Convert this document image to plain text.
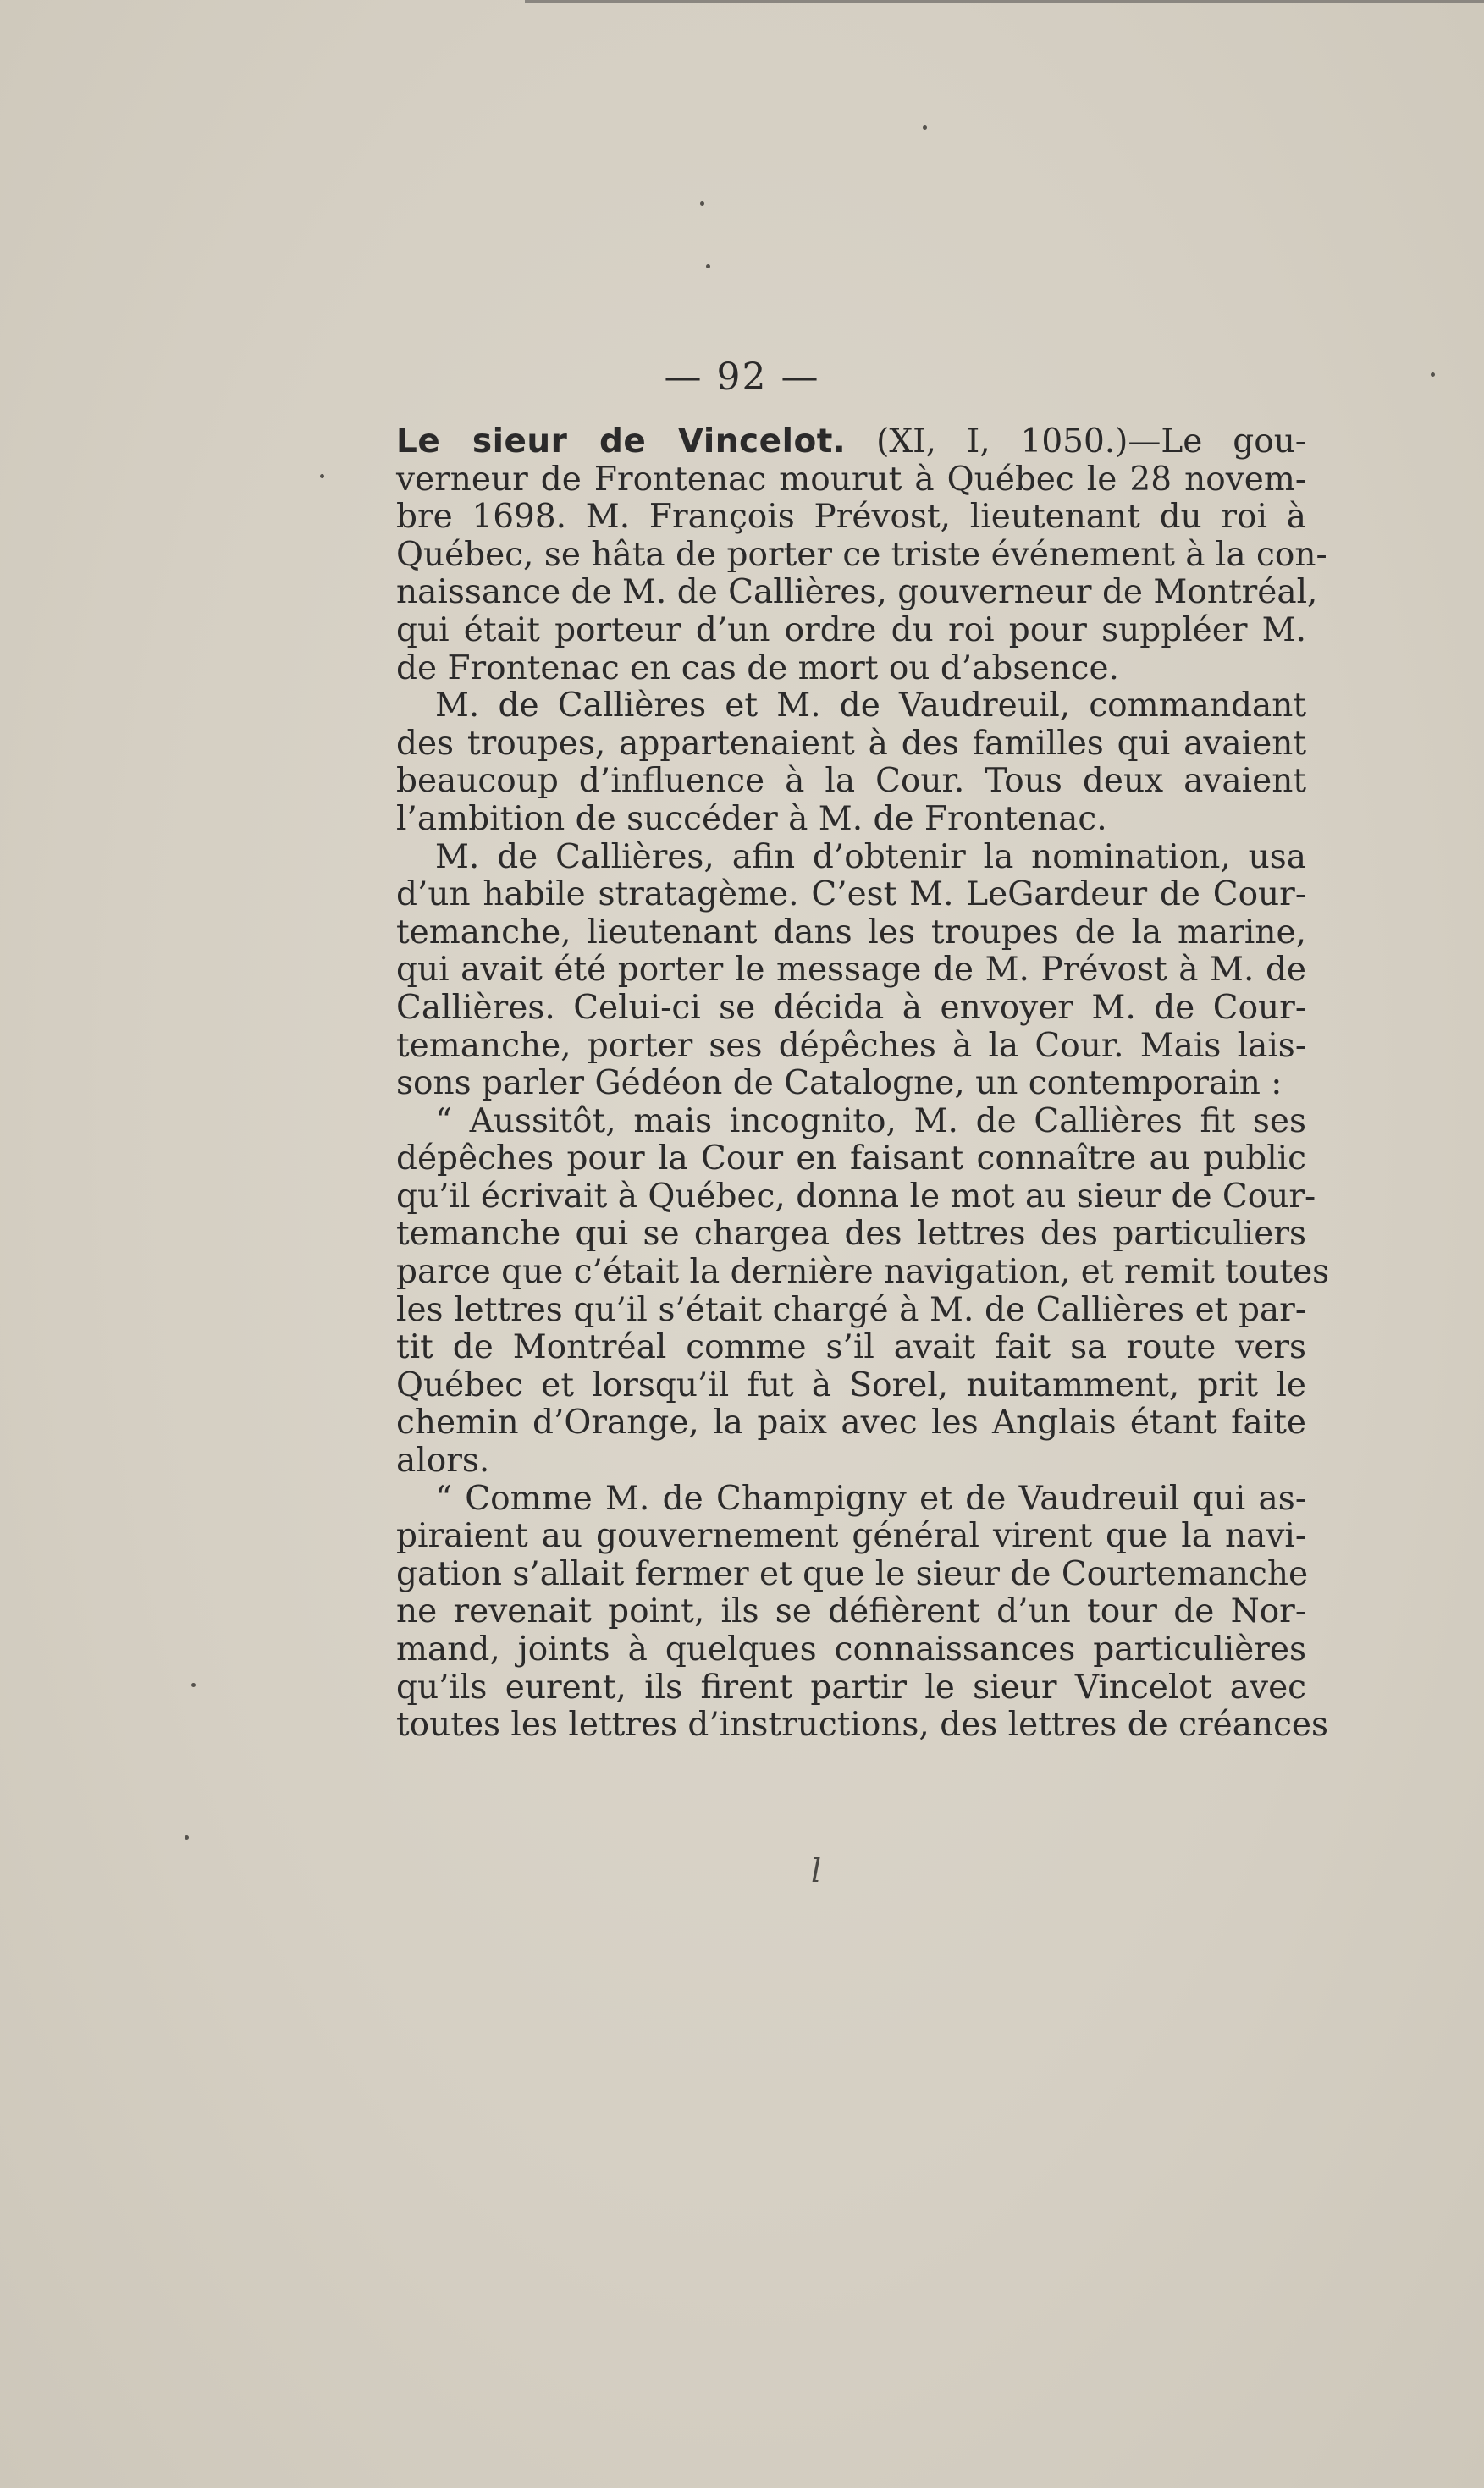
— 92 —
Le sieur de Vincelot. (XI, I, 1050.)—Le gou-
verneur de Frontenac mourut à Québec le 28 novem-
bre 1698. M. François Prévost, lieutenant du roi à
Québec, se hâta de porter ce triste événement à la con-
naissance de M. de Callières, gouverneur de Montréal,
qui était porteur d’un ordre du roi pour suppléer M.
de Frontenac en cas de mort ou d’absence.
M. de Callières et M. de Vaudreuil, commandant
des troupes, appartenaient à des familles qui avaient
beaucoup d’influence à la Cour. Tous deux avaient
l’ambition de succéder à M. de Frontenac.
M. de Callières, afin d’obtenir la nomination, usa
d’un habile stratagème. C’est M. LeGardeur de Cour-
temanche, lieutenant dans les troupes de la marine,
qui avait été porter le message de M. Prévost à M. de
Callières. Celui-ci se décida à envoyer M. de Cour-
temanche, porter ses dépêches à la Cour. Mais lais-
sons parler Gédéon de Catalogne, un contemporain :
“ Aussitôt, mais incognito, M. de Callières fit ses
dépêches pour la Cour en faisant connaître au public
qu’il écrivait à Québec, donna le mot au sieur de Cour-
temanche qui se chargea des lettres des particuliers
parce que c’était la dernière navigation, et remit toutes
les lettres qu’il s’était chargé à M. de Callières et par-
tit de Montréal comme s’il avait fait sa route vers
Québec et lorsqu’il fut à Sorel, nuitamment, prit le
chemin d’Orange, la paix avec les Anglais étant faite
alors.
“ Comme M. de Champigny et de Vaudreuil qui as-
piraient au gouvernement général virent que la navi-
gation s’allait fermer et que le sieur de Courtemanche
ne revenait point, ils se défièrent d’un tour de Nor-
mand, joints à quelques connaissances particulières
qu’ils eurent, ils firent partir le sieur Vincelot avec
toutes les lettres d’instructions, des lettres de créances
l
